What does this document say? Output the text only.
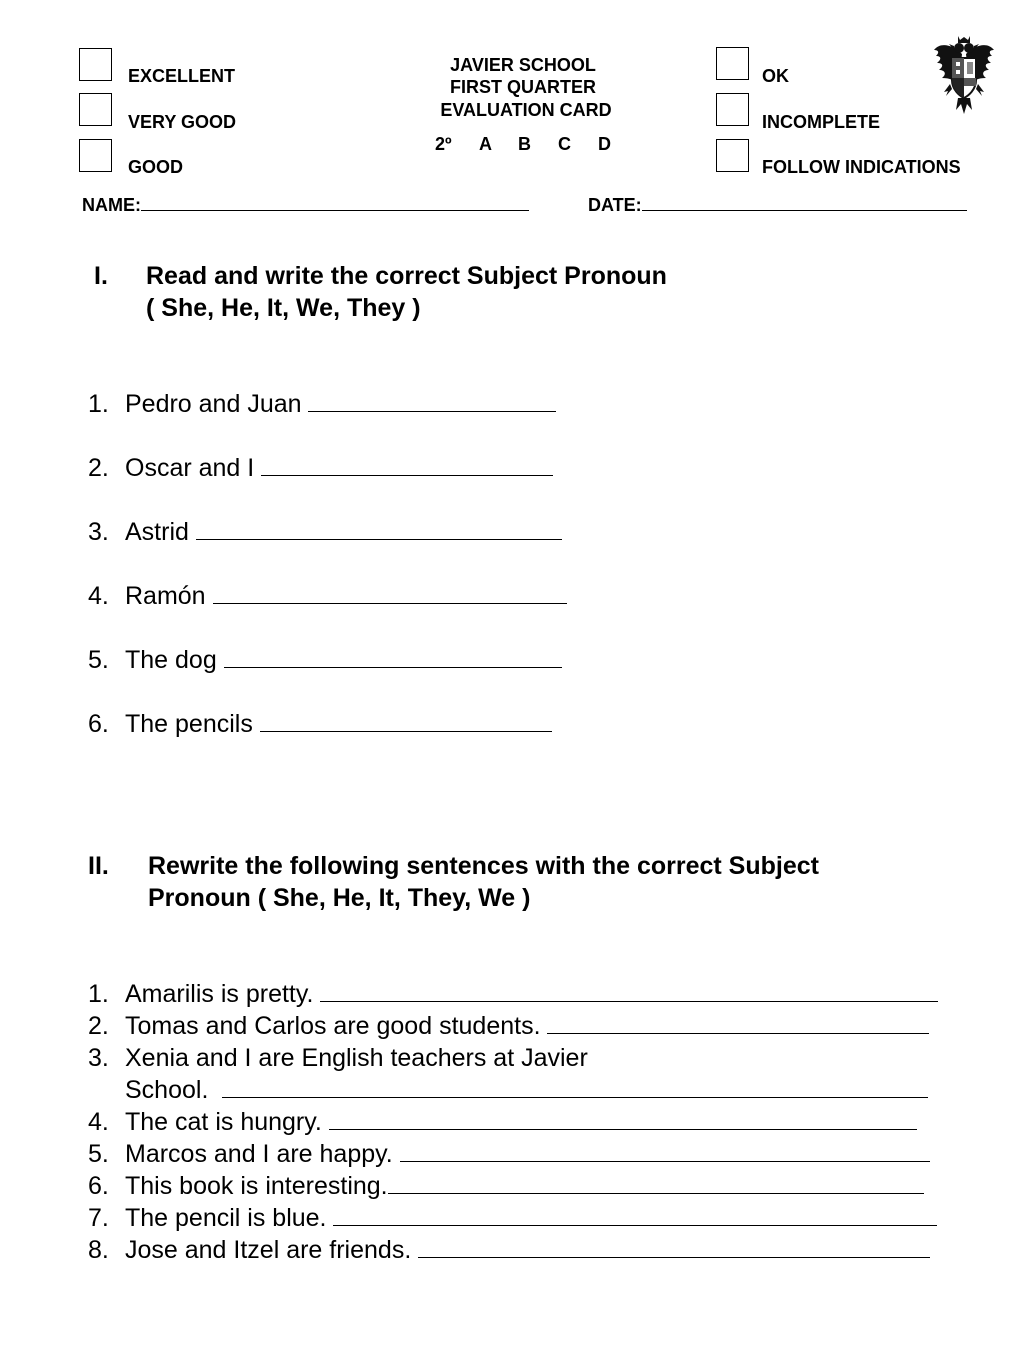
EXCELLENT
VERY GOOD
GOOD
JAVIER SCHOOL
FIRST QUARTER
EVALUATION CARD
2º A B C D
OK
INCOMPLETE
FOLLOW INDICATIONS
NAME:	DATE:
I. Read and write the correct Subject Pronoun
( She, He, It, We, They )
1. Pedro and Juan
2. Oscar and I
3. Astrid
4. Ramón
5. The dog
6. The pencils
II. Rewrite the following sentences with the correct Subject
Pronoun ( She, He, It, They, We )
1. Amarilis is pretty.
2. Tomas and Carlos are good students.
3. Xenia and I are English teachers at Javier
School.
4. The cat is hungry.
5. Marcos and I are happy.
6. This book is interesting.
7. The pencil is blue.
8. Jose and Itzel are friends.
